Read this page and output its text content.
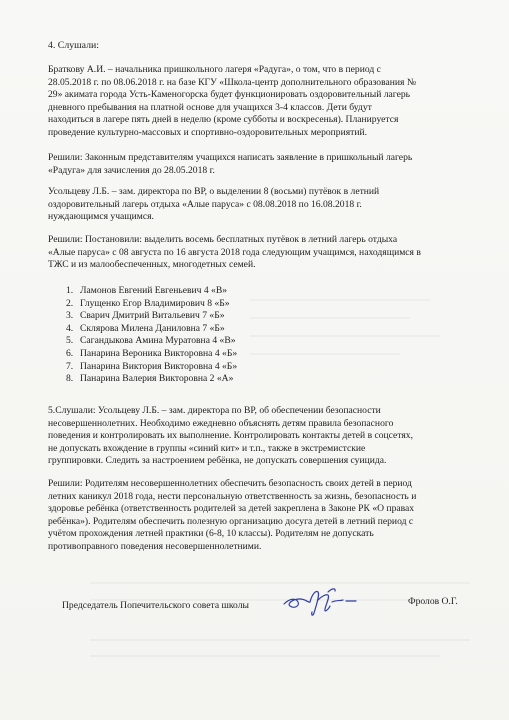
4. Слушали:
Браткову А.И. – начальника пришкольного лагеря «Радуга», о том, что в период с
28.05.2018 г. по 08.06.2018 г. на базе КГУ «Школа-центр дополнительного образования №
29» акимата города Усть-Каменогорска будет функционировать оздоровительный лагерь
дневного пребывания на платной основе для учащихся 3-4 классов. Дети будут
находиться в лагере пять дней в неделю (кроме субботы и воскресенья). Планируется
проведение культурно-массовых и спортивно-оздоровительных мероприятий.
Решили: Законным представителям учащихся написать заявление в пришкольный лагерь
«Радуга» для зачисления до 28.05.2018 г.
Усольцеву Л.Б. – зам. директора по ВР, о выделении 8 (восьми) путёвок в летний
оздоровительный лагерь отдыха «Алые паруса» с 08.08.2018 по 16.08.2018 г.
нуждающимся учащимся.
Решили: Постановили: выделить восемь бесплатных путёвок в летний лагерь отдыха
«Алые паруса» с 08 августа по 16 августа 2018 года следующим учащимся, находящимся в
ТЖС и из малообеспеченных, многодетных семей.
1. Ламонов Евгений Евгеньевич 4 «В»
2. Глущенко Егор Владимирович 8 «Б»
3. Сварич Дмитрий Витальевич 7 «Б»
4. Склярова Милена Даниловна 7 «Б»
5. Сагандыкова Амина Муратовна 4 «В»
6. Панарина Вероника Викторовна 4 «Б»
7. Панарина Виктория Викторовна 4 «Б»
8. Панарина Валерия Викторовна 2 «А»
5.Слушали: Усольцеву Л.Б. – зам. директора по ВР, об обеспечении безопасности
несовершеннолетних. Необходимо ежедневно объяснять детям правила безопасного
поведения и контролировать их выполнение. Контролировать контакты детей в соцсетях,
не допускать вхождение в группы «синий кит» и т.п., также в экстремистские
группировки. Следить за настроением ребёнка, не допускать совершения суицида.
Решили: Родителям несовершеннолетних обеспечить безопасность своих детей в период
летних каникул 2018 года, нести персональную ответственность за жизнь, безопасность и
здоровье ребёнка (ответственность родителей за детей закреплена в Законе РК «О правах
ребёнка»). Родителям обеспечить полезную организацию досуга детей в летний период с
учётом прохождения летней практики (6-8, 10 классы). Родителям не допускать
противоправного поведения несовершеннолетними.
Председатель Попечительского совета школы	Фролов О.Г.
